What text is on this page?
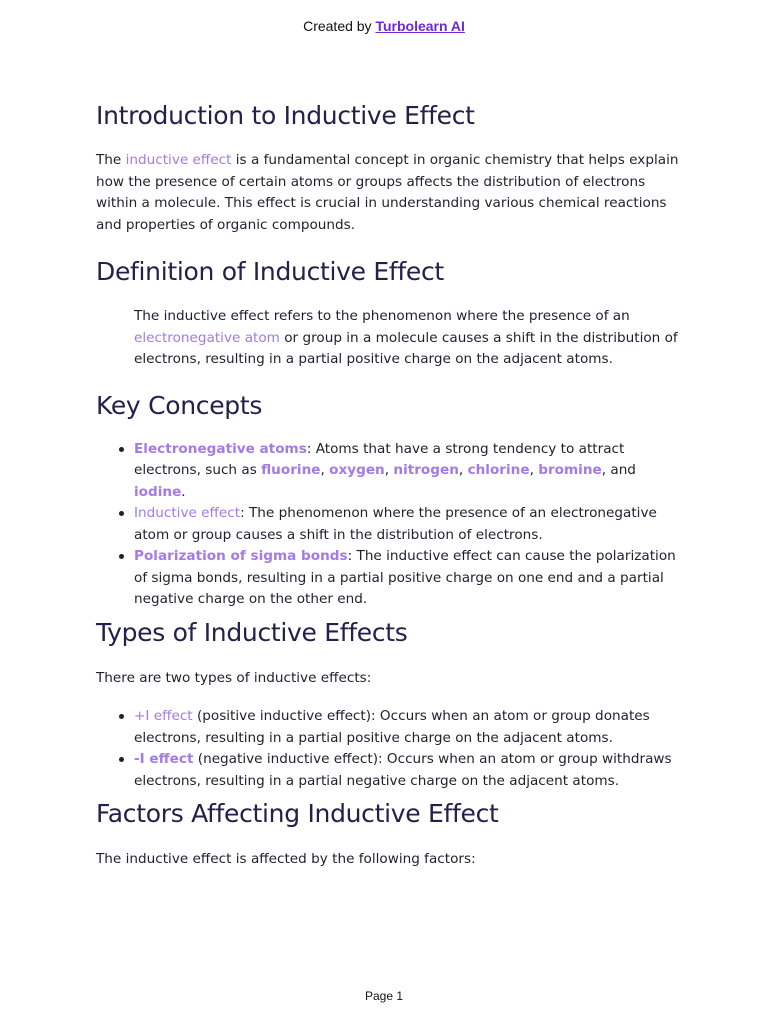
Created by Turbolearn AI
Introduction to Inductive Effect

The inductive effect is a fundamental concept in organic chemistry that helps explain how the presence of certain atoms or groups affects the distribution of electrons within a molecule. This effect is crucial in understanding various chemical reactions and properties of organic compounds.

Definition of Inductive Effect

The inductive effect refers to the phenomenon where the presence of an electronegative atom or group in a molecule causes a shift in the distribution of electrons, resulting in a partial positive charge on the adjacent atoms.

Key Concepts
Electronegative atoms: Atoms that have a strong tendency to attract electrons, such as fluorine, oxygen, nitrogen, chlorine, bromine, and iodine.
Inductive effect: The phenomenon where the presence of an electronegative atom or group causes a shift in the distribution of electrons.
Polarization of sigma bonds: The inductive effect can cause the polarization of sigma bonds, resulting in a partial positive charge on one end and a partial negative charge on the other end.
Types of Inductive Effects

There are two types of inductive effects:

+I effect (positive inductive effect): Occurs when an atom or group donates electrons, resulting in a partial positive charge on the adjacent atoms.
-I effect (negative inductive effect): Occurs when an atom or group withdraws electrons, resulting in a partial negative charge on the adjacent atoms.
Factors Affecting Inductive Effect

The inductive effect is affected by the following factors:

Page 1
